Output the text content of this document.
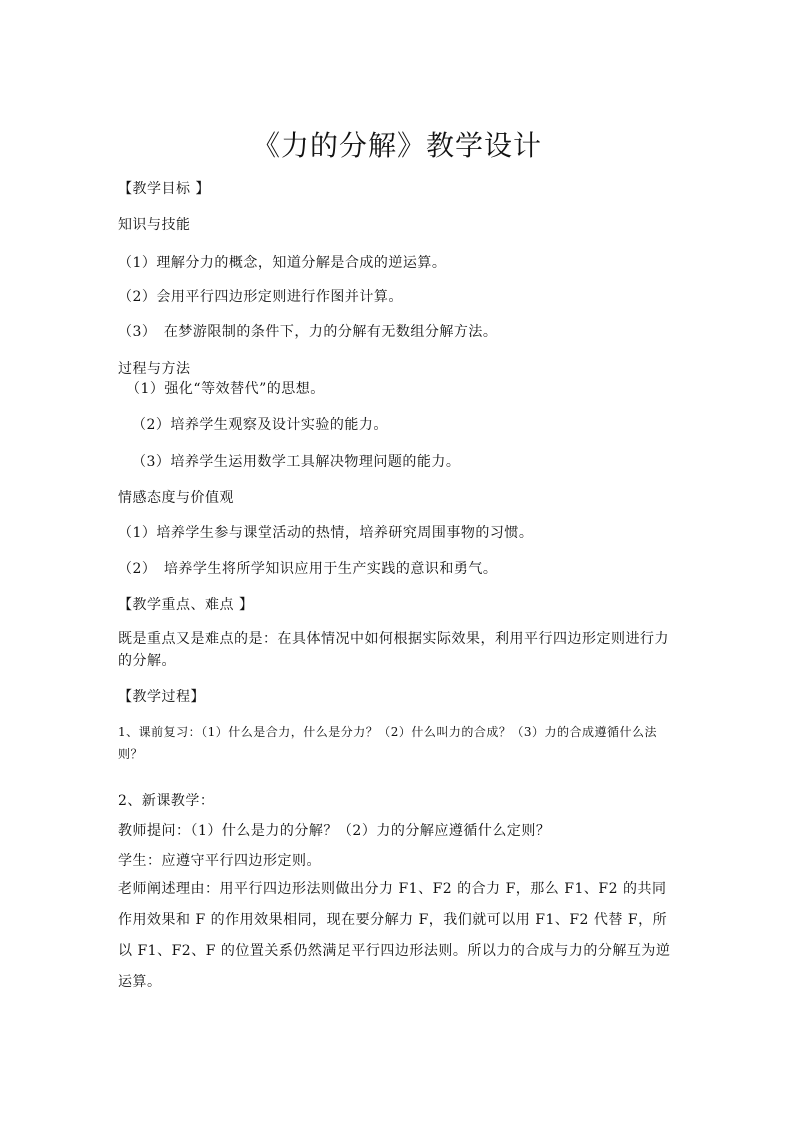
《力的分解》教学设计
【教学目标 】
知识与技能
（1）理解分力的概念，知道分解是合成的逆运算。
（2）会用平行四边形定则进行作图并计算。
（3）　在梦游限制的条件下，力的分解有无数组分解方法。
过程与方法
（1）强化“等效替代”的思想。
（2）培养学生观察及设计实验的能力。
（3）培养学生运用数学工具解决物理问题的能力。
情感态度与价值观
（1）培养学生参与课堂活动的热情，培养研究周围事物的习惯。
（2）　培养学生将所学知识应用于生产实践的意识和勇气。
【教学重点、难点 】
既是重点又是难点的是：在具体情况中如何根据实际效果，利用平行四边形定则进行力的分解。
【教学过程】
1、课前复习：（1）什么是合力，什么是分力？（2）什么叫力的合成？（3）力的合成遵循什么法则？
2、新课教学：
教师提问：（1）什么是力的分解？（2）力的分解应遵循什么定则？
学生：应遵守平行四边形定则。
老师阐述理由：用平行四边形法则做出分力 F1、F2 的合力 F，那么 F1、F2 的共同作用效果和 F 的作用效果相同，现在要分解力 F，我们就可以用 F1、F2 代替 F，所以 F1、F2、F 的位置关系仍然满足平行四边形法则。所以力的合成与力的分解互为逆运算。
